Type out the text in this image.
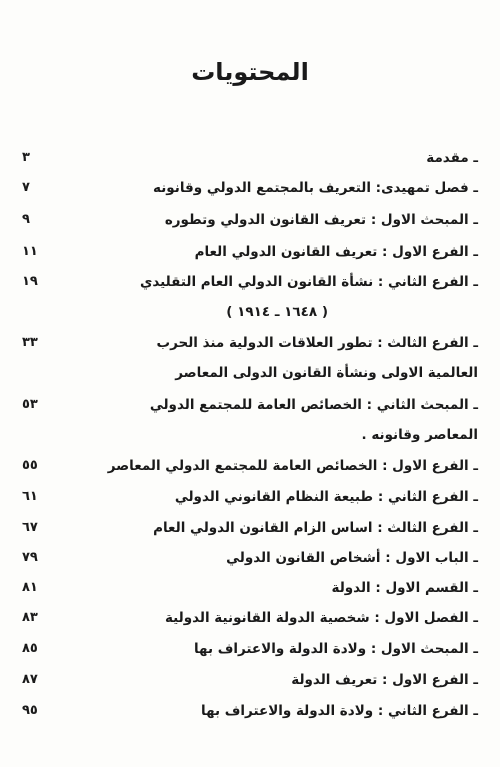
المحتويات
ـ مقدمة
٣
ـ فصل تمهيدى: التعريف بالمجتمع الدولي وقانونه
٧
ـ المبحث الاول : تعريف القانون الدولي وتطوره
٩
ـ الفرع الاول : تعريف القانون الدولي العام
١١
ـ الفرع الثاني : نشأة القانون الدولي العام التقليدي
١٩
( ١٦٤٨ ـ ١٩١٤ )
ـ الفرع الثالث : تطور العلاقات الدولية منذ الحرب
٣٣
العالمية الاولى ونشأة القانون الدولى المعاصر
ـ المبحث الثاني : الخصائص العامة للمجتمع الدولي
٥٣
المعاصر وقانونه .
ـ الفرع الاول : الخصائص العامة للمجتمع الدولي المعاصر
٥٥
ـ الفرع الثاني : طبيعة النظام القانوني الدولي
٦١
ـ الفرع الثالث : اساس الزام القانون الدولي العام
٦٧
ـ الباب الاول : أشخاص القانون الدولي
٧٩
ـ القسم الاول : الدولة
٨١
ـ الفصل الاول : شخصية الدولة القانونية الدولية
٨٣
ـ المبحث الاول : ولادة الدولة والاعتراف بها
٨٥
ـ الفرع الاول : تعريف الدولة
٨٧
ـ الفرع الثاني : ولادة الدولة والاعتراف بها
٩٥
